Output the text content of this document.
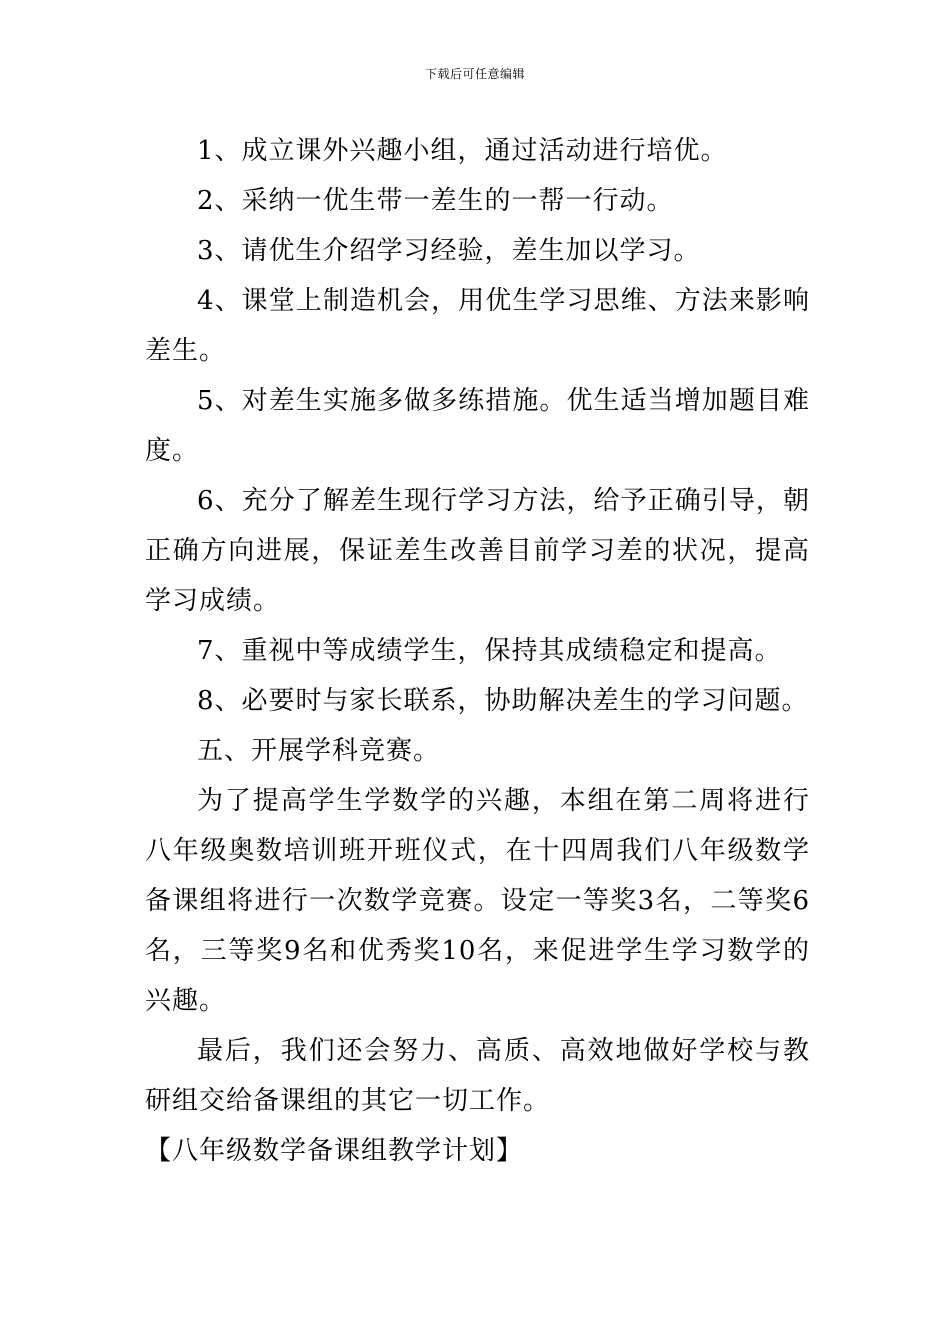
下载后可任意编辑

1、成立课外兴趣小组，通过活动进行培优。

2、采纳一优生带一差生的一帮一行动。

3、请优生介绍学习经验，差生加以学习。

4、课堂上制造机会，用优生学习思维、方法来影响差生。

5、对差生实施多做多练措施。优生适当增加题目难度。

6、充分了解差生现行学习方法，给予正确引导，朝正确方向进展，保证差生改善目前学习差的状况，提高学习成绩。

7、重视中等成绩学生，保持其成绩稳定和提高。

8、必要时与家长联系，协助解决差生的学习问题。

五、开展学科竞赛。

为了提高学生学数学的兴趣，本组在第二周将进行八年级奥数培训班开班仪式，在十四周我们八年级数学备课组将进行一次数学竞赛。设定一等奖3名，二等奖6名，三等奖9名和优秀奖10名，来促进学生学习数学的兴趣。

最后，我们还会努力、高质、高效地做好学校与教研组交给备课组的其它一切工作。

【八年级数学备课组教学计划】
